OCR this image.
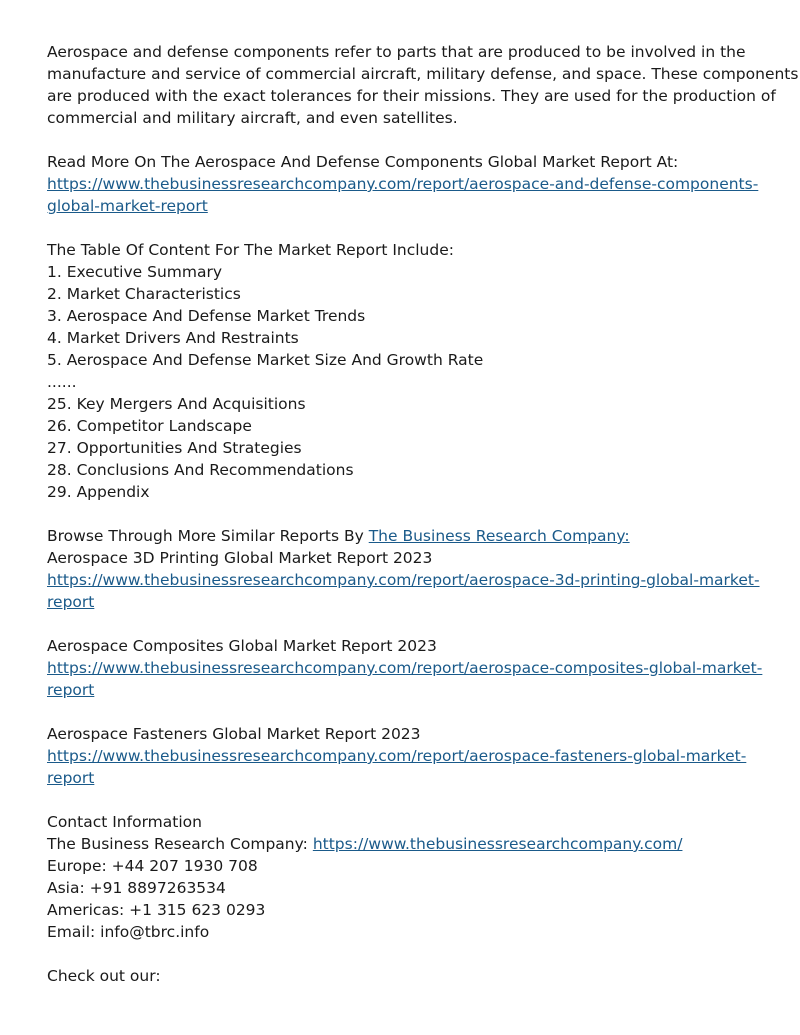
Aerospace and defense components refer to parts that are produced to be involved in the
manufacture and service of commercial aircraft, military defense, and space. These components
are produced with the exact tolerances for their missions. They are used for the production of
commercial and military aircraft, and even satellites.
Read More On The Aerospace And Defense Components Global Market Report At:
https://www.thebusinessresearchcompany.com/report/aerospace-and-defense-components-
global-market-report
The Table Of Content For The Market Report Include:
1. Executive Summary
2. Market Characteristics
3. Aerospace And Defense Market Trends
4. Market Drivers And Restraints
5. Aerospace And Defense Market Size And Growth Rate
......
25. Key Mergers And Acquisitions
26. Competitor Landscape
27. Opportunities And Strategies
28. Conclusions And Recommendations
29. Appendix
Browse Through More Similar Reports By The Business Research Company:
Aerospace 3D Printing Global Market Report 2023
https://www.thebusinessresearchcompany.com/report/aerospace-3d-printing-global-market-
report
Aerospace Composites Global Market Report 2023
https://www.thebusinessresearchcompany.com/report/aerospace-composites-global-market-
report
Aerospace Fasteners Global Market Report 2023
https://www.thebusinessresearchcompany.com/report/aerospace-fasteners-global-market-
report
Contact Information
The Business Research Company: https://www.thebusinessresearchcompany.com/
Europe: +44 207 1930 708
Asia: +91 8897263534
Americas: +1 315 623 0293
Email: info@tbrc.info
Check out our:
